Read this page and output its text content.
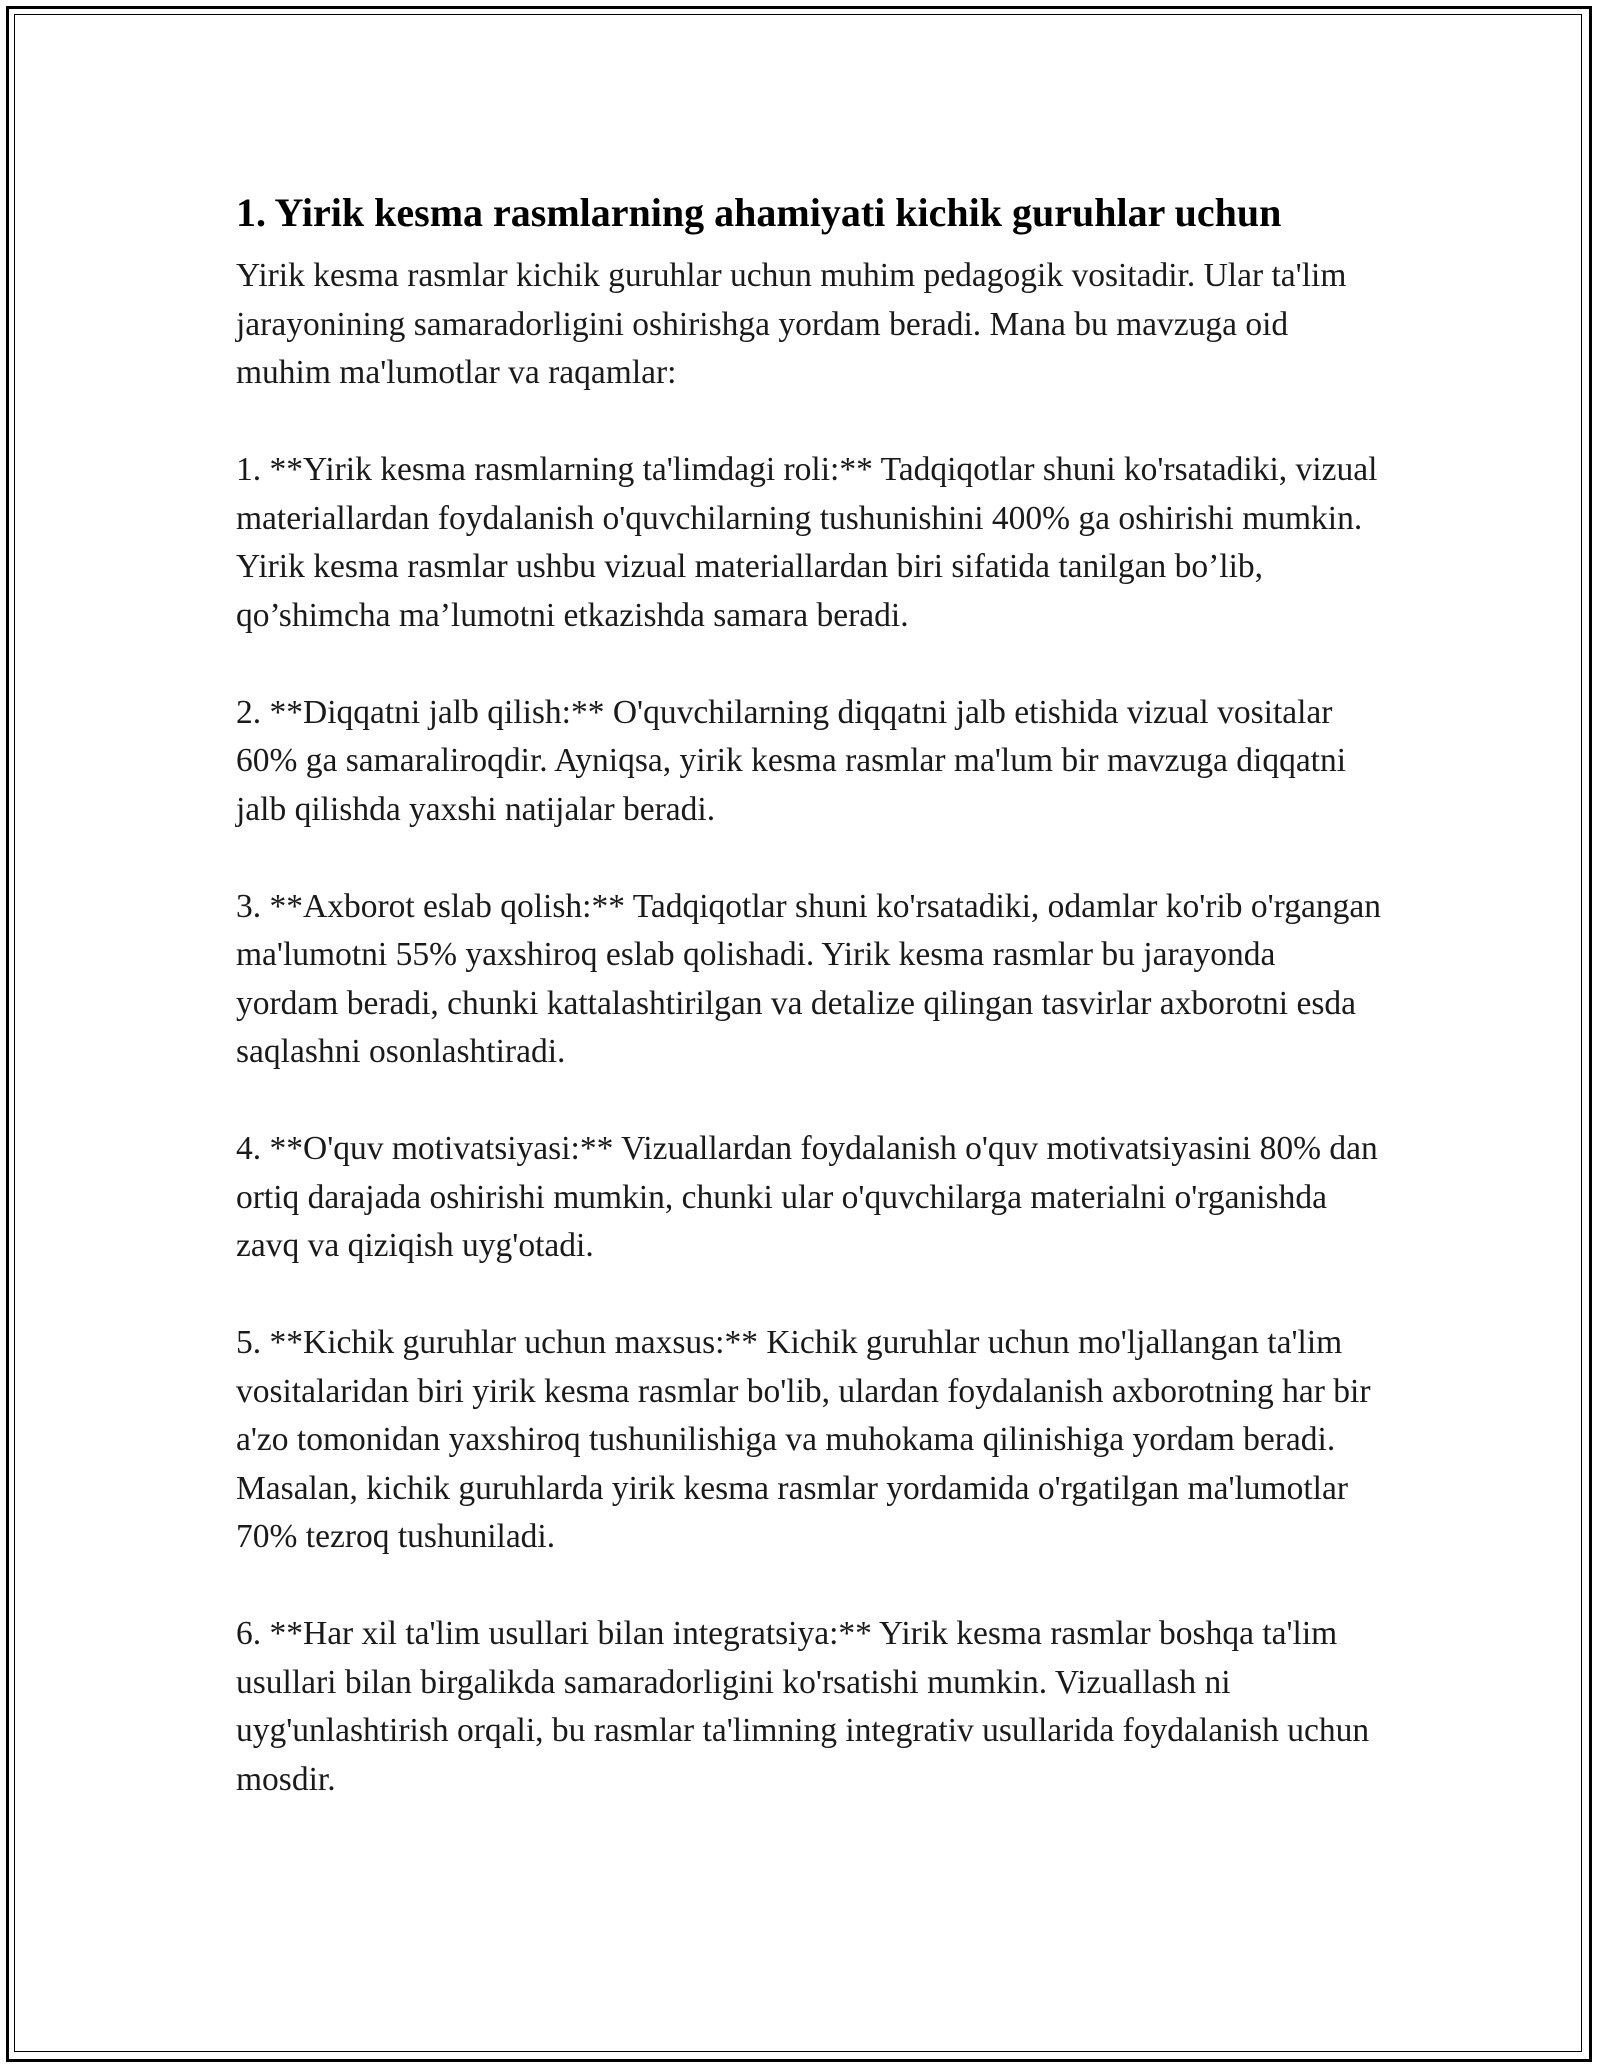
1. Yirik kesma rasmlarning ahamiyati kichik guruhlar uchun

Yirik kesma rasmlar kichik guruhlar uchun muhim pedagogik vositadir. Ular ta'lim jarayonining samaradorligini oshirishga yordam beradi. Mana bu mavzuga oid muhim ma'lumotlar va raqamlar:

1. **Yirik kesma rasmlarning ta'limdagi roli:** Tadqiqotlar shuni ko'rsatadiki, vizual materiallardan foydalanish o'quvchilarning tushunishini 400% ga oshirishi mumkin. Yirik kesma rasmlar ushbu vizual materiallardan biri sifatida tanilgan bo’lib, qo’shimcha ma’lumotni etkazishda samara beradi.

2. **Diqqatni jalb qilish:** O'quvchilarning diqqatni jalb etishida vizual vositalar 60% ga samaraliroqdir. Ayniqsa, yirik kesma rasmlar ma'lum bir mavzuga diqqatni jalb qilishda yaxshi natijalar beradi.

3. **Axborot eslab qolish:** Tadqiqotlar shuni ko'rsatadiki, odamlar ko'rib o'rgangan ma'lumotni 55% yaxshiroq eslab qolishadi. Yirik kesma rasmlar bu jarayonda yordam beradi, chunki kattalashtirilgan va detalize qilingan tasvirlar axborotni esda saqlashni osonlashtiradi.

4. **O'quv motivatsiyasi:** Vizuallardan foydalanish o'quv motivatsiyasini 80% dan ortiq darajada oshirishi mumkin, chunki ular o'quvchilarga materialni o'rganishda zavq va qiziqish uyg'otadi.

5. **Kichik guruhlar uchun maxsus:** Kichik guruhlar uchun mo'ljallangan ta'lim vositalaridan biri yirik kesma rasmlar bo'lib, ulardan foydalanish axborotning har bir a'zo tomonidan yaxshiroq tushunilishiga va muhokama qilinishiga yordam beradi. Masalan, kichik guruhlarda yirik kesma rasmlar yordamida o'rgatilgan ma'lumotlar 70% tezroq tushuniladi.

6. **Har xil ta'lim usullari bilan integratsiya:** Yirik kesma rasmlar boshqa ta'lim usullari bilan birgalikda samaradorligini ko'rsatishi mumkin. Vizuallash ni uyg'unlashtirish orqali, bu rasmlar ta'limning integrativ usullarida foydalanish uchun mosdir.
